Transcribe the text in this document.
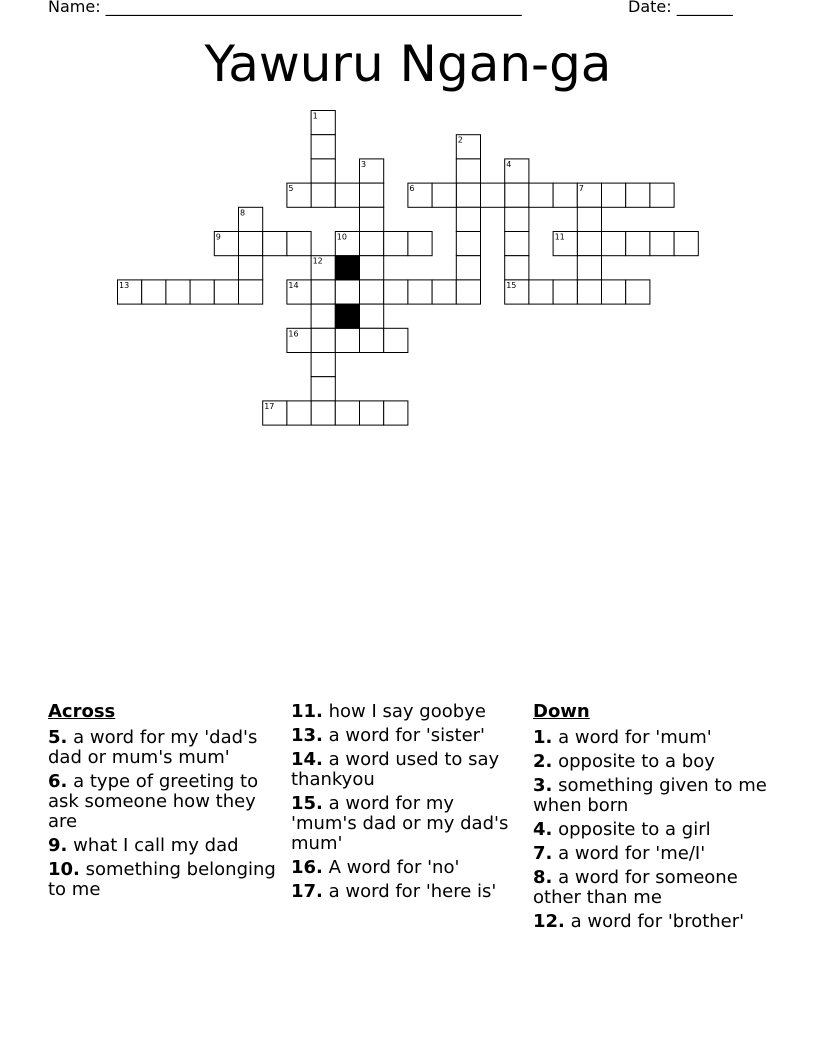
Name: ____________________________________________________	Date: _______
Yawuru Ngan-ga
1
2
3	4
5	6	7
8
9	10	11
12
13	14	15
16
17
Across
5. a word for my 'dad's dad or mum's mum'
6. a type of greeting to ask someone how they are
9. what I call my dad
10. something belonging to me
11. how I say goobye
13. a word for 'sister'
14. a word used to say thankyou
15. a word for my 'mum's dad or my dad's mum'
16. A word for 'no'
17. a word for 'here is'
Down
1. a word for 'mum'
2. opposite to a boy
3. something given to me when born
4. opposite to a girl
7. a word for 'me/I'
8. a word for someone other than me
12. a word for 'brother'
